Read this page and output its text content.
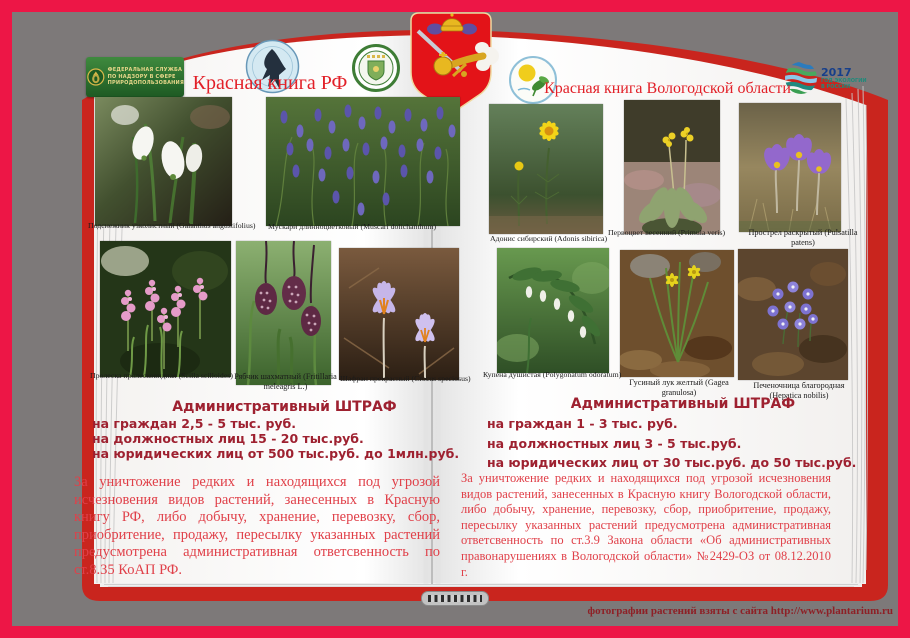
ФЕДЕРАЛЬНАЯ СЛУЖБА
ПО НАДЗОРУ В СФЕРЕ
ПРИРОДОПОЛЬЗОВАНИЯ
2017
ГОД ЭКОЛОГИИ
В РОССИИ
Красная книга РФ	Красная книга Вологодской области
Подснежник узколистный (Galanthus angustifolius) Мускари длинноцветковый (Muscari dolichanthum)
Пролеска пролесковидная (Scilla scilloides) Рябчик шахматный (Fritillaria meleagris L.)
Шафран прекрасный (Crocus speciosus)
Адонис сибирский (Adonis sibirica)
Первоцвет весенний (Primula veris)	Прострел раскрытый (Pulsatilla patens)
Купена душистая (Polygonatum odoratum)
Гусиный лук желтый (Gagea granulosa)
Печеночница благородная (Hepatica nobilis)
Административный ШТРАФ
на граждан 2,5 - 5 тыс. руб.
на должностных лиц 15 - 20 тыс.руб.
на юридических лиц от 500 тыс.руб. до 1млн.руб.
Административный ШТРАФ
на граждан 1 - 3 тыс. руб.
на должностных лиц 3 - 5 тыс.руб.
на юридических лиц от 30 тыс.руб. до 50 тыс.руб.
За уничтожение редких и находящихся под угрозой исчезновения видов растений, занесенных в Красную книгу РФ, либо добычу, хранение, перевозку, сбор, приобритение, продажу, пересылку указанных растений предусмотрена административная ответсвенность по ст.8.35 КоАП РФ.
За уничтожение редких и находящихся под угрозой исчезновения видов растений, занесенных в Красную книгу Вологодской области, либо добычу, хранение, перевозку, сбор, приобритение, продажу, пересылку указанных растений предусмотрена административная ответсвенность по ст.3.9 Закона области «Об административных правонарушениях в Вологодской области» №2429-ОЗ от 08.12.2010 г.
фотографии растений взяты с сайта http://www.plantarium.ru
